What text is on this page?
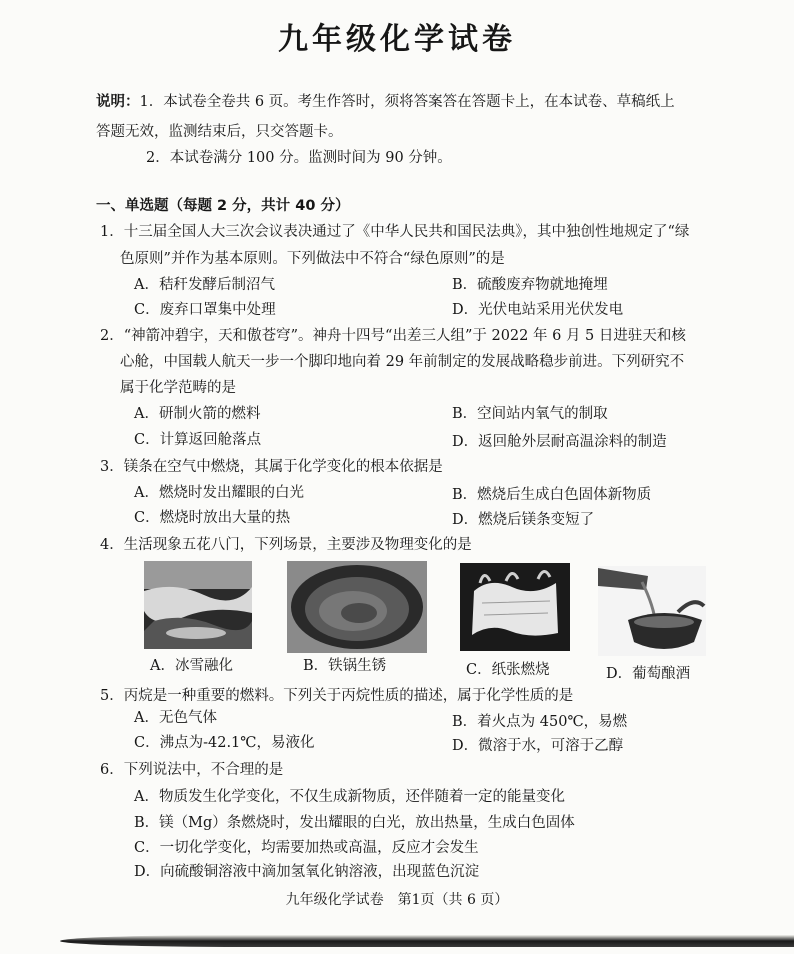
九年级化学试卷
说明：1．本试卷全卷共 6 页。考生作答时，须将答案答在答题卡上，在本试卷、草稿纸上
答题无效，监测结束后，只交答题卡。
2．本试卷满分 100 分。监测时间为 90 分钟。
一、单选题（每题 2 分，共计 40 分）
1．十三届全国人大三次会议表决通过了《中华人民共和国民法典》，其中独创性地规定了“绿
色原则”并作为基本原则。下列做法中不符合“绿色原则”的是
A．秸秆发酵后制沼气	B．硫酸废弃物就地掩埋
C．废弃口罩集中处理	D．光伏电站采用光伏发电
2．“神箭冲碧宇，天和傲苍穹”。神舟十四号“出差三人组”于 2022 年 6 月 5 日进驻天和核
心舱，中国载人航天一步一个脚印地向着 29 年前制定的发展战略稳步前进。下列研究不
属于化学范畴的是
A．研制火箭的燃料	B．空间站内氧气的制取
C．计算返回舱落点	D．返回舱外层耐高温涂料的制造
3．镁条在空气中燃烧，其属于化学变化的根本依据是
A．燃烧时发出耀眼的白光	B．燃烧后生成白色固体新物质
C．燃烧时放出大量的热	D．燃烧后镁条变短了
4．生活现象五花八门，下列场景，主要涉及物理变化的是
A．冰雪融化	B．铁锅生锈	C．纸张燃烧	D．葡萄酿酒
5．丙烷是一种重要的燃料。下列关于丙烷性质的描述，属于化学性质的是
A．无色气体	B．着火点为 450℃，易燃
C．沸点为-42.1℃，易液化	D．微溶于水，可溶于乙醇
6．下列说法中，不合理的是
A．物质发生化学变化，不仅生成新物质，还伴随着一定的能量变化
B．镁（Mg）条燃烧时，发出耀眼的白光，放出热量，生成白色固体
C．一切化学变化，均需要加热或高温，反应才会发生
D．向硫酸铜溶液中滴加氢氧化钠溶液，出现蓝色沉淀
九年级化学试卷　第1页（共 6 页）
